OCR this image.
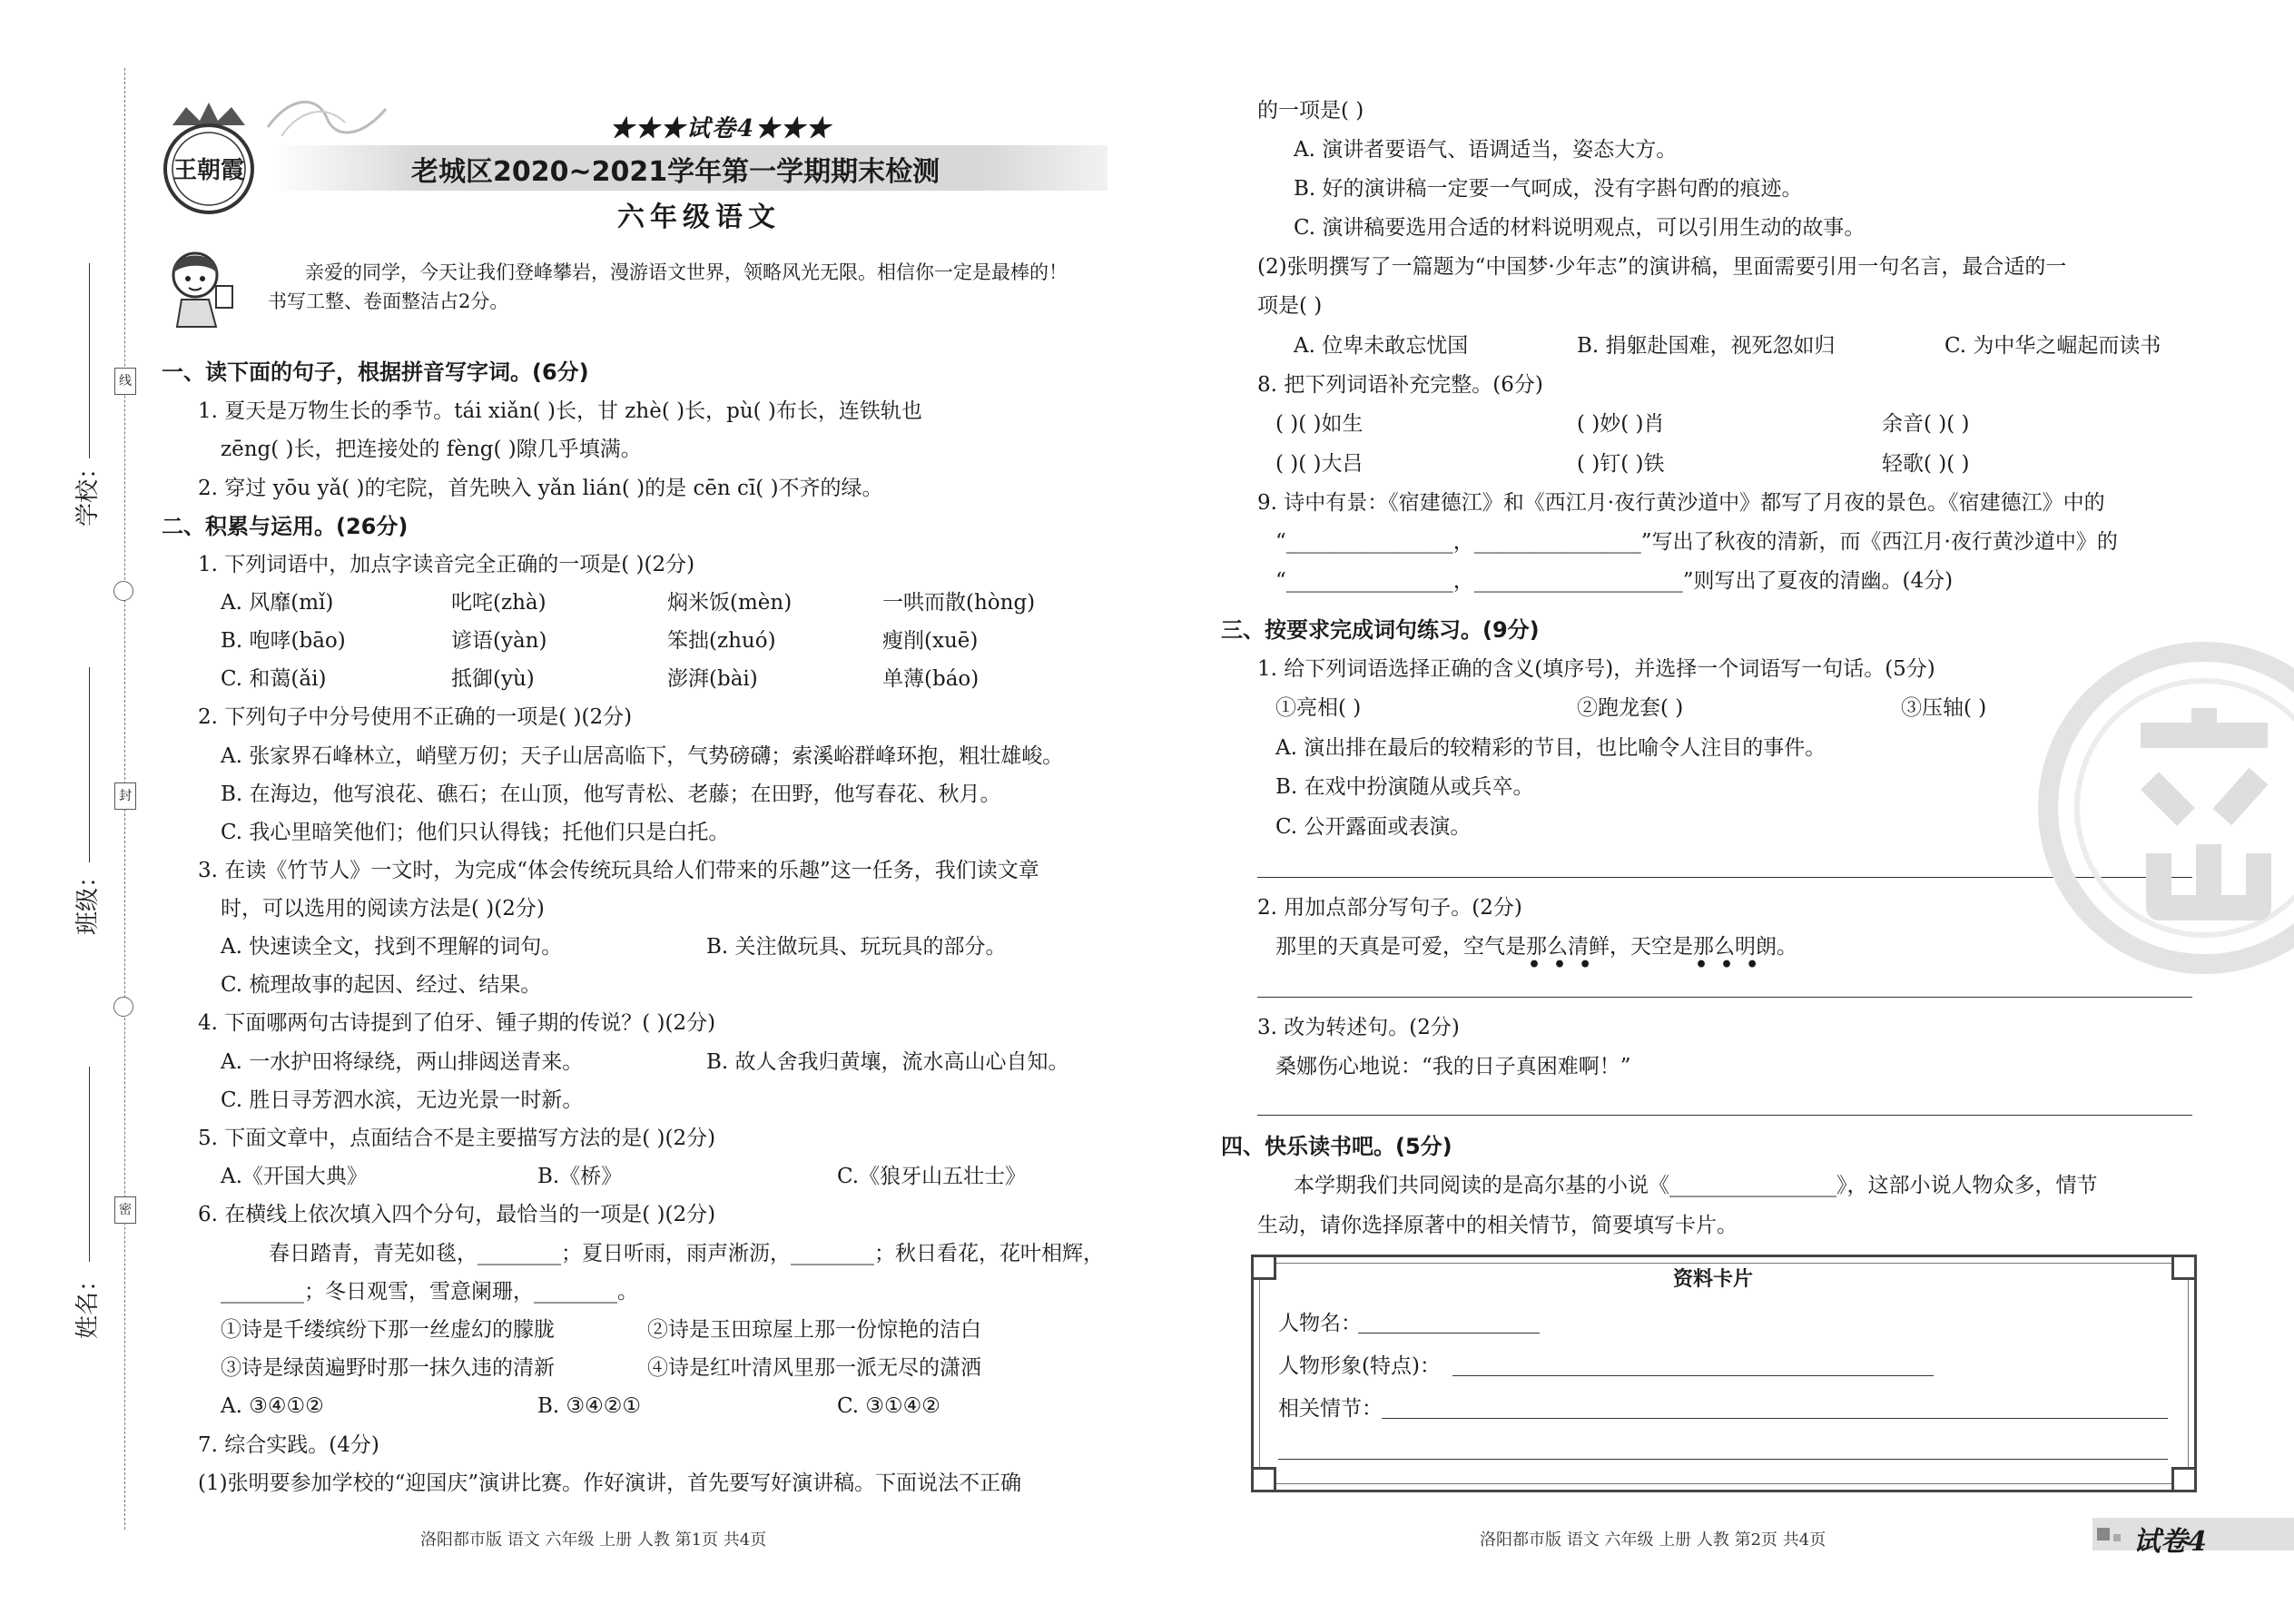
线
封
密
学校：
班级：
姓名：
王朝霞
★★★试卷4★★★
老城区2020~2021学年第一学期期末检测
六年级语文
亲爱的同学，今天让我们登峰攀岩，漫游语文世界，领略风光无限。相信你一定是最棒的！
书写工整、卷面整洁占2分。
一、读下面的句子，根据拼音写字词。(6分)
1. 夏天是万物生长的季节。tái xiǎn( )长，甘 zhè( )长，pù( )布长，连铁轨也
zēng( )长，把连接处的 fèng( )隙几乎填满。
2. 穿过 yōu yǎ( )的宅院，首先映入 yǎn lián( )的是 cēn cī( )不齐的绿。
二、积累与运用。(26分)
1. 下列词语中，加点字读音完全正确的一项是( )(2分)
A. 风靡(mǐ)	叱咤(zhà)	焖米饭(mèn)	一哄而散(hòng)
B. 咆哮(bāo)	谚语(yàn)	笨拙(zhuó)	瘦削(xuē)
C. 和蔼(ǎi)	抵御(yù)	澎湃(bài)	单薄(báo)
2. 下列句子中分号使用不正确的一项是( )(2分)
A. 张家界石峰林立，峭壁万仞；天子山居高临下，气势磅礴；索溪峪群峰环抱，粗壮雄峻。
B. 在海边，他写浪花、礁石；在山顶，他写青松、老藤；在田野，他写春花、秋月。
C. 我心里暗笑他们；他们只认得钱；托他们只是白托。
3. 在读《竹节人》一文时，为完成“体会传统玩具给人们带来的乐趣”这一任务，我们读文章
时，可以选用的阅读方法是( )(2分)
A. 快速读全文，找到不理解的词句。	B. 关注做玩具、玩玩具的部分。
C. 梳理故事的起因、经过、结果。
4. 下面哪两句古诗提到了伯牙、锺子期的传说？( )(2分)
A. 一水护田将绿绕，两山排闼送青来。	B. 故人舍我归黄壤，流水高山心自知。
C. 胜日寻芳泗水滨，无边光景一时新。
5. 下面文章中，点面结合不是主要描写方法的是( )(2分)
A.《开国大典》	B.《桥》	C.《狼牙山五壮士》
6. 在横线上依次填入四个分句，最恰当的一项是( )(2分)
春日踏青，青芜如毯，________；夏日听雨，雨声淅沥，________；秋日看花，花叶相辉，
________；冬日观雪，雪意阑珊，________。
①诗是千缕缤纷下那一丝虚幻的朦胧	②诗是玉田琼屋上那一份惊艳的洁白
③诗是绿茵遍野时那一抹久违的清新	④诗是红叶清风里那一派无尽的潇洒
A. ③④①②	B. ③④②①	C. ③①④②
7. 综合实践。(4分)
(1)张明要参加学校的“迎国庆”演讲比赛。作好演讲，首先要写好演讲稿。下面说法不正确
洛阳都市版 语文 六年级 上册 人教 第1页 共4页
的一项是( )
A. 演讲者要语气、语调适当，姿态大方。
B. 好的演讲稿一定要一气呵成，没有字斟句酌的痕迹。
C. 演讲稿要选用合适的材料说明观点，可以引用生动的故事。
(2)张明撰写了一篇题为“中国梦·少年志”的演讲稿，里面需要引用一句名言，最合适的一
项是( )
A. 位卑未敢忘忧国	B. 捐躯赴国难，视死忽如归	C. 为中华之崛起而读书
8. 把下列词语补充完整。(6分)
( )( )如生	( )妙( )肖	余音( )( )
( )( )大吕	( )钉( )铁	轻歌( )( )
9. 诗中有景：《宿建德江》和《西江月·夜行黄沙道中》都写了月夜的景色。《宿建德江》中的
“________________，________________”写出了秋夜的清新，而《西江月·夜行黄沙道中》的
“________________，____________________”则写出了夏夜的清幽。(4分)
三、按要求完成词句练习。(9分)
1. 给下列词语选择正确的含义(填序号)，并选择一个词语写一句话。(5分)
①亮相( )	②跑龙套( )	③压轴( )
A. 演出排在最后的较精彩的节目，也比喻令人注目的事件。
B. 在戏中扮演随从或兵卒。
C. 公开露面或表演。
2. 用加点部分写句子。(2分)
那里的天真是可爱，空气是那么清鲜，天空是那么明朗。
•••	•••
3. 改为转述句。(2分)
桑娜伤心地说：“我的日子真困难啊！”
四、快乐读书吧。(5分)
本学期我们共同阅读的是高尔基的小说《________________》，这部小说人物众多，情节
生动，请你选择原著中的相关情节，简要填写卡片。
资料卡片
人物名：
人物形象(特点)：
相关情节：
洛阳都市版 语文 六年级 上册 人教 第2页 共4页	试卷4
